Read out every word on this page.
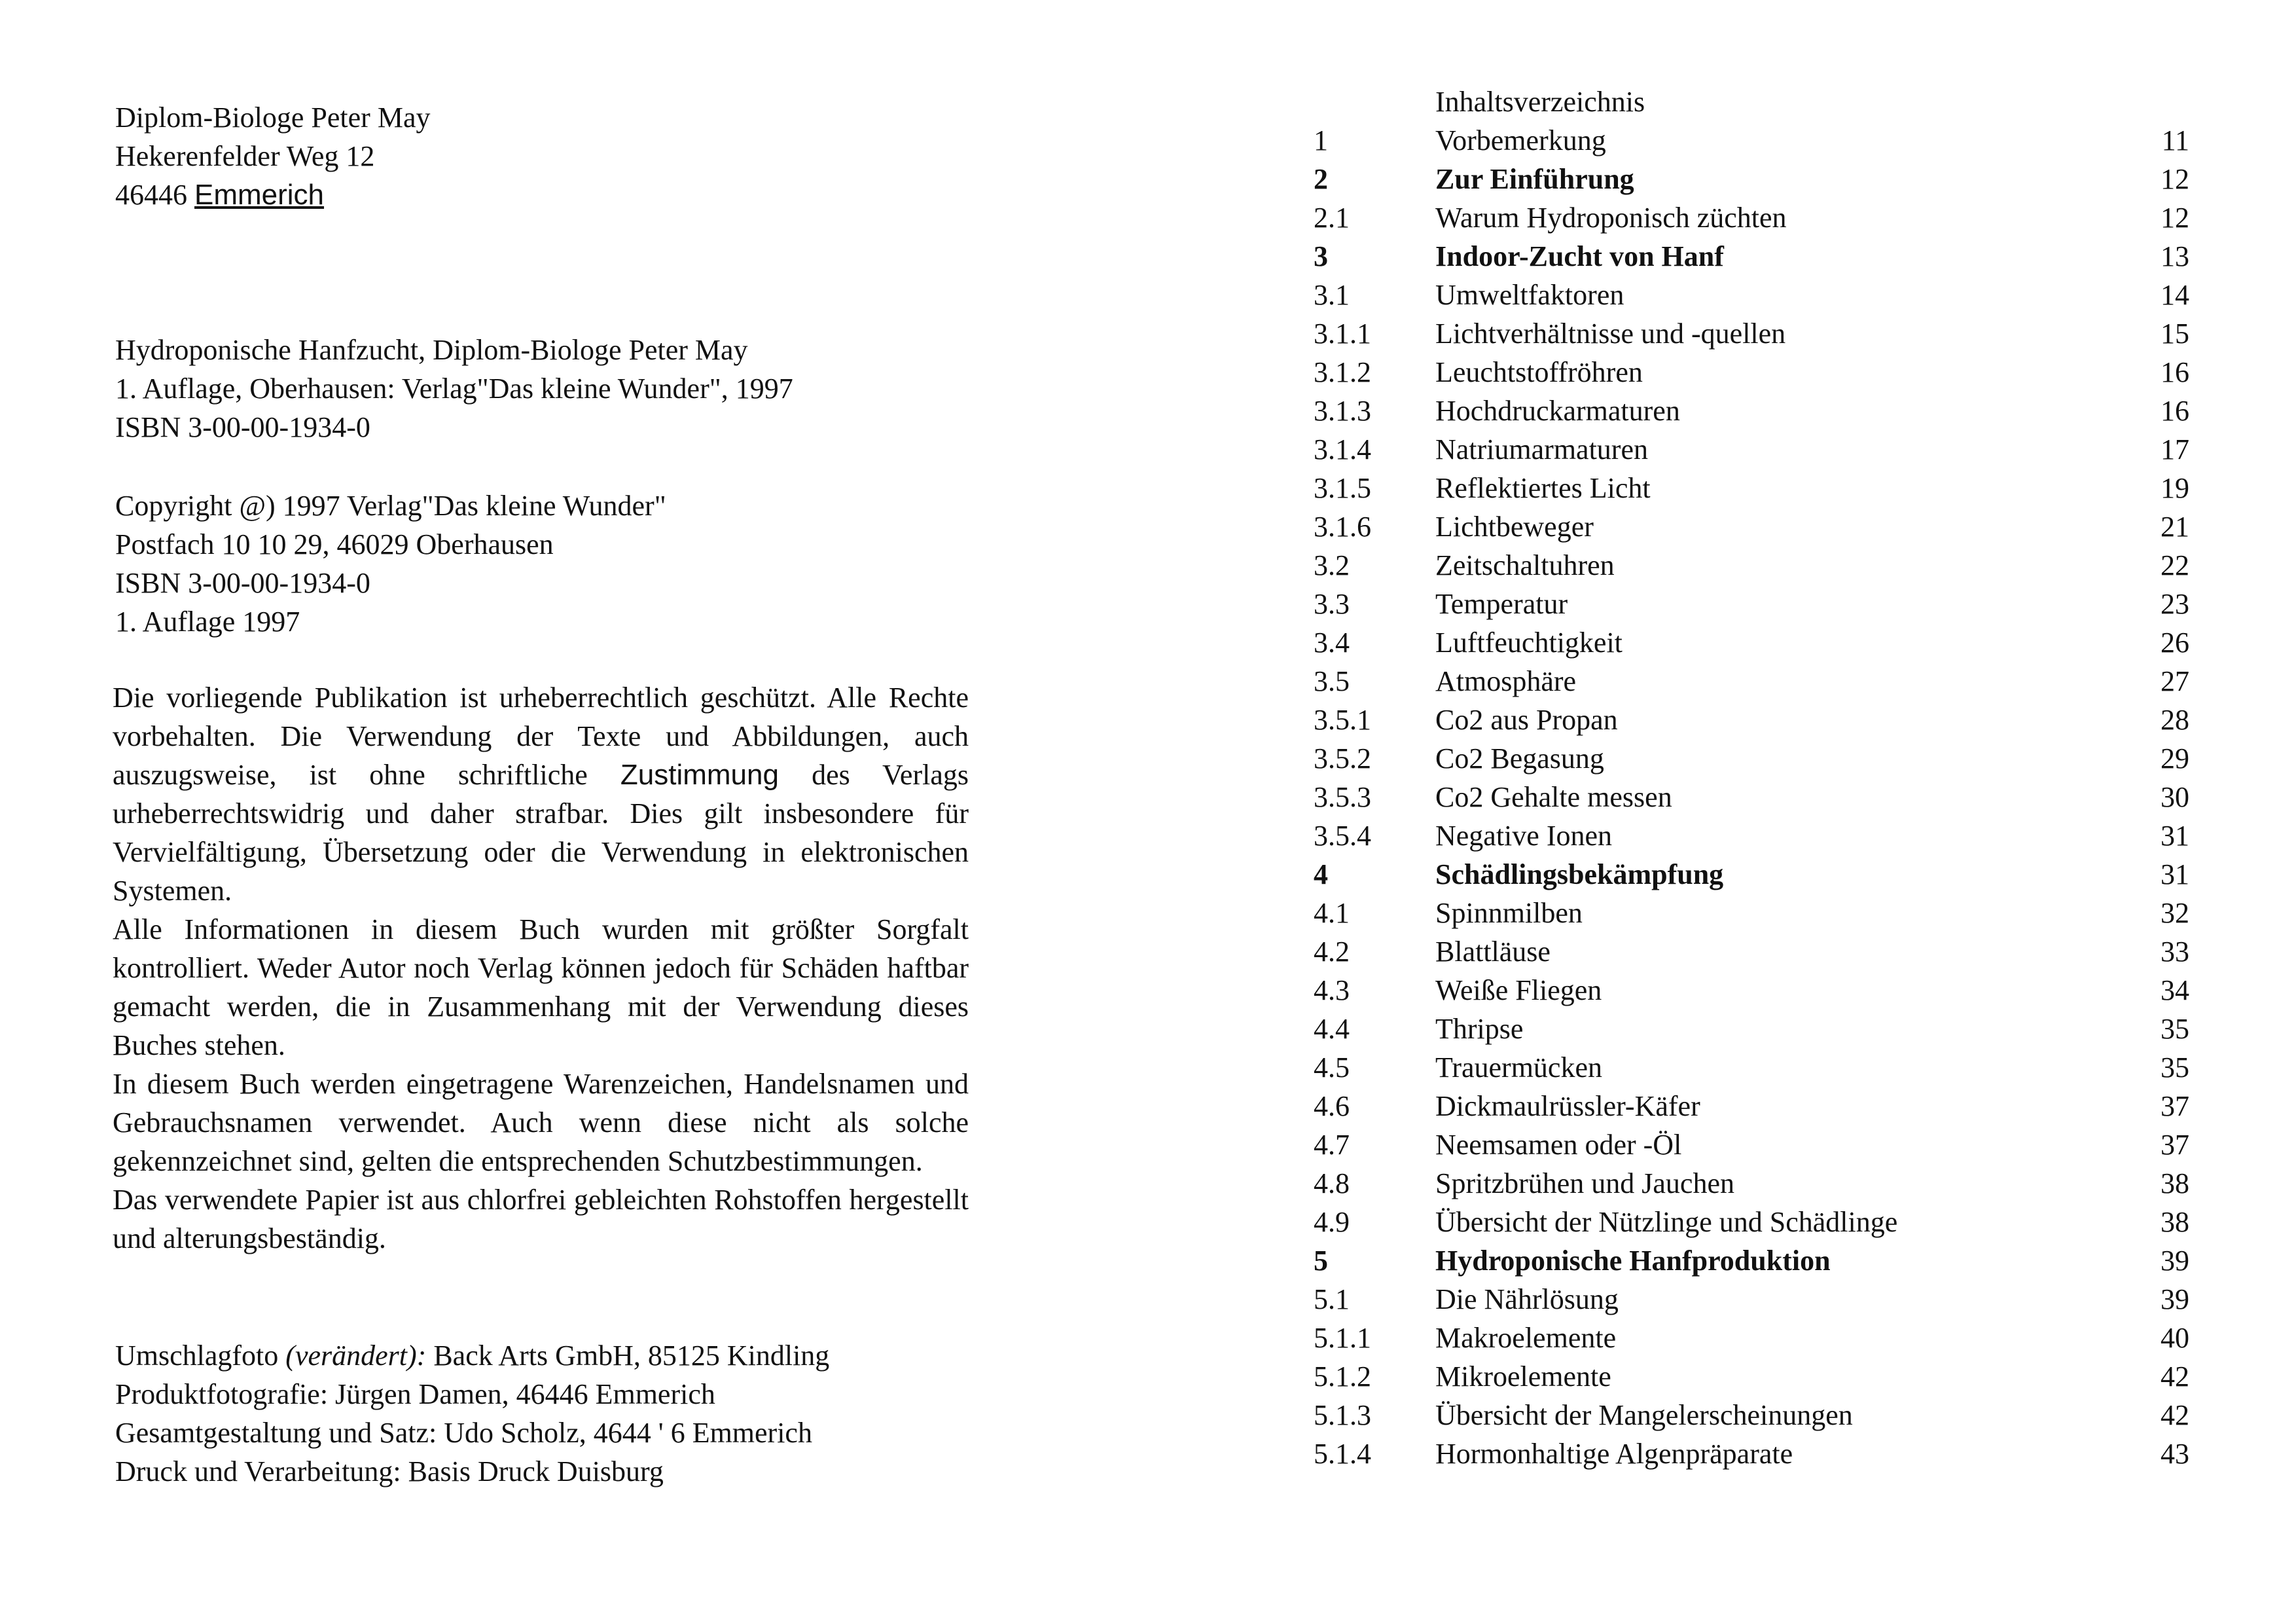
Diplom-Biologe Peter May
Hekerenfelder Weg 12
46446 Emmerich
Hydroponische Hanfzucht, Diplom-Biologe Peter May
1. Auflage, Oberhausen: Verlag"Das kleine Wunder", 1997
ISBN 3-00-00-1934-0
Copyright @) 1997 Verlag"Das kleine Wunder"
Postfach 10 10 29, 46029 Oberhausen
ISBN 3-00-00-1934-0
1. Auflage 1997
Die vorliegende Publikation ist urheberrechtlich geschützt. Alle Rechte vorbehalten. Die Verwendung der Texte und Abbildungen, auch auszugsweise, ist ohne schriftliche Zustimmung des Verlags urheberrechtswidrig und daher strafbar. Dies gilt insbesondere für Vervielfältigung, Übersetzung oder die Verwendung in elektronischen Systemen.
Alle Informationen in diesem Buch wurden mit größter Sorgfalt kontrolliert. Weder Autor noch Verlag können jedoch für Schäden haftbar gemacht werden, die in Zusammenhang mit der Verwendung dieses Buches stehen.
In diesem Buch werden eingetragene Warenzeichen, Handelsnamen und Gebrauchsnamen verwendet. Auch wenn diese nicht als solche gekennzeichnet sind, gelten die entsprechenden Schutzbestimmungen.
Das verwendete Papier ist aus chlorfrei gebleichten Rohstoffen hergestellt und alterungsbeständig.
Umschlagfoto (verändert): Back Arts GmbH, 85125 Kindling
Produktfotografie: Jürgen Damen, 46446 Emmerich
Gesamtgestaltung und Satz: Udo Scholz, 4644 ' 6 Emmerich
Druck und Verarbeitung: Basis Druck Duisburg
Inhaltsverzeichnis
1	Vorbemerkung	11
2	Zur Einführung	12
2.1	Warum Hydroponisch züchten	12
3	Indoor-Zucht von Hanf	13
3.1	Umweltfaktoren	14
3.1.1 Lichtverhältnisse und -quellen	15
3.1.2 Leuchtstoffröhren	16
3.1.3 Hochdruckarmaturen	16
3.1.4 Natriumarmaturen	17
3.1.5 Reflektiertes Licht	19
3.1.6 Lichtbeweger	21
3.2	Zeitschaltuhren	22
3.3	Temperatur	23
3.4	Luftfeuchtigkeit	26
3.5	Atmosphäre	27
3.5.1 Co2 aus Propan	28
3.5.2 Co2 Begasung	29
3.5.3 Co2 Gehalte messen	30
3.5.4 Negative Ionen	31
4	Schädlingsbekämpfung	31
4.1	Spinnmilben	32
4.2	Blattläuse	33
4.3	Weiße Fliegen	34
4.4	Thripse	35
4.5	Trauermücken	35
4.6	Dickmaulrüssler-Käfer	37
4.7	Neemsamen oder -Öl	37
4.8	Spritzbrühen und Jauchen	38
4.9	Übersicht der Nützlinge und Schädlinge	38
5	Hydroponische Hanfproduktion	39
5.1	Die Nährlösung	39
5.1.1 Makroelemente	40
5.1.2 Mikroelemente	42
5.1.3 Übersicht der Mangelerscheinungen	42
5.1.4 Hormonhaltige Algenpräparate	43
